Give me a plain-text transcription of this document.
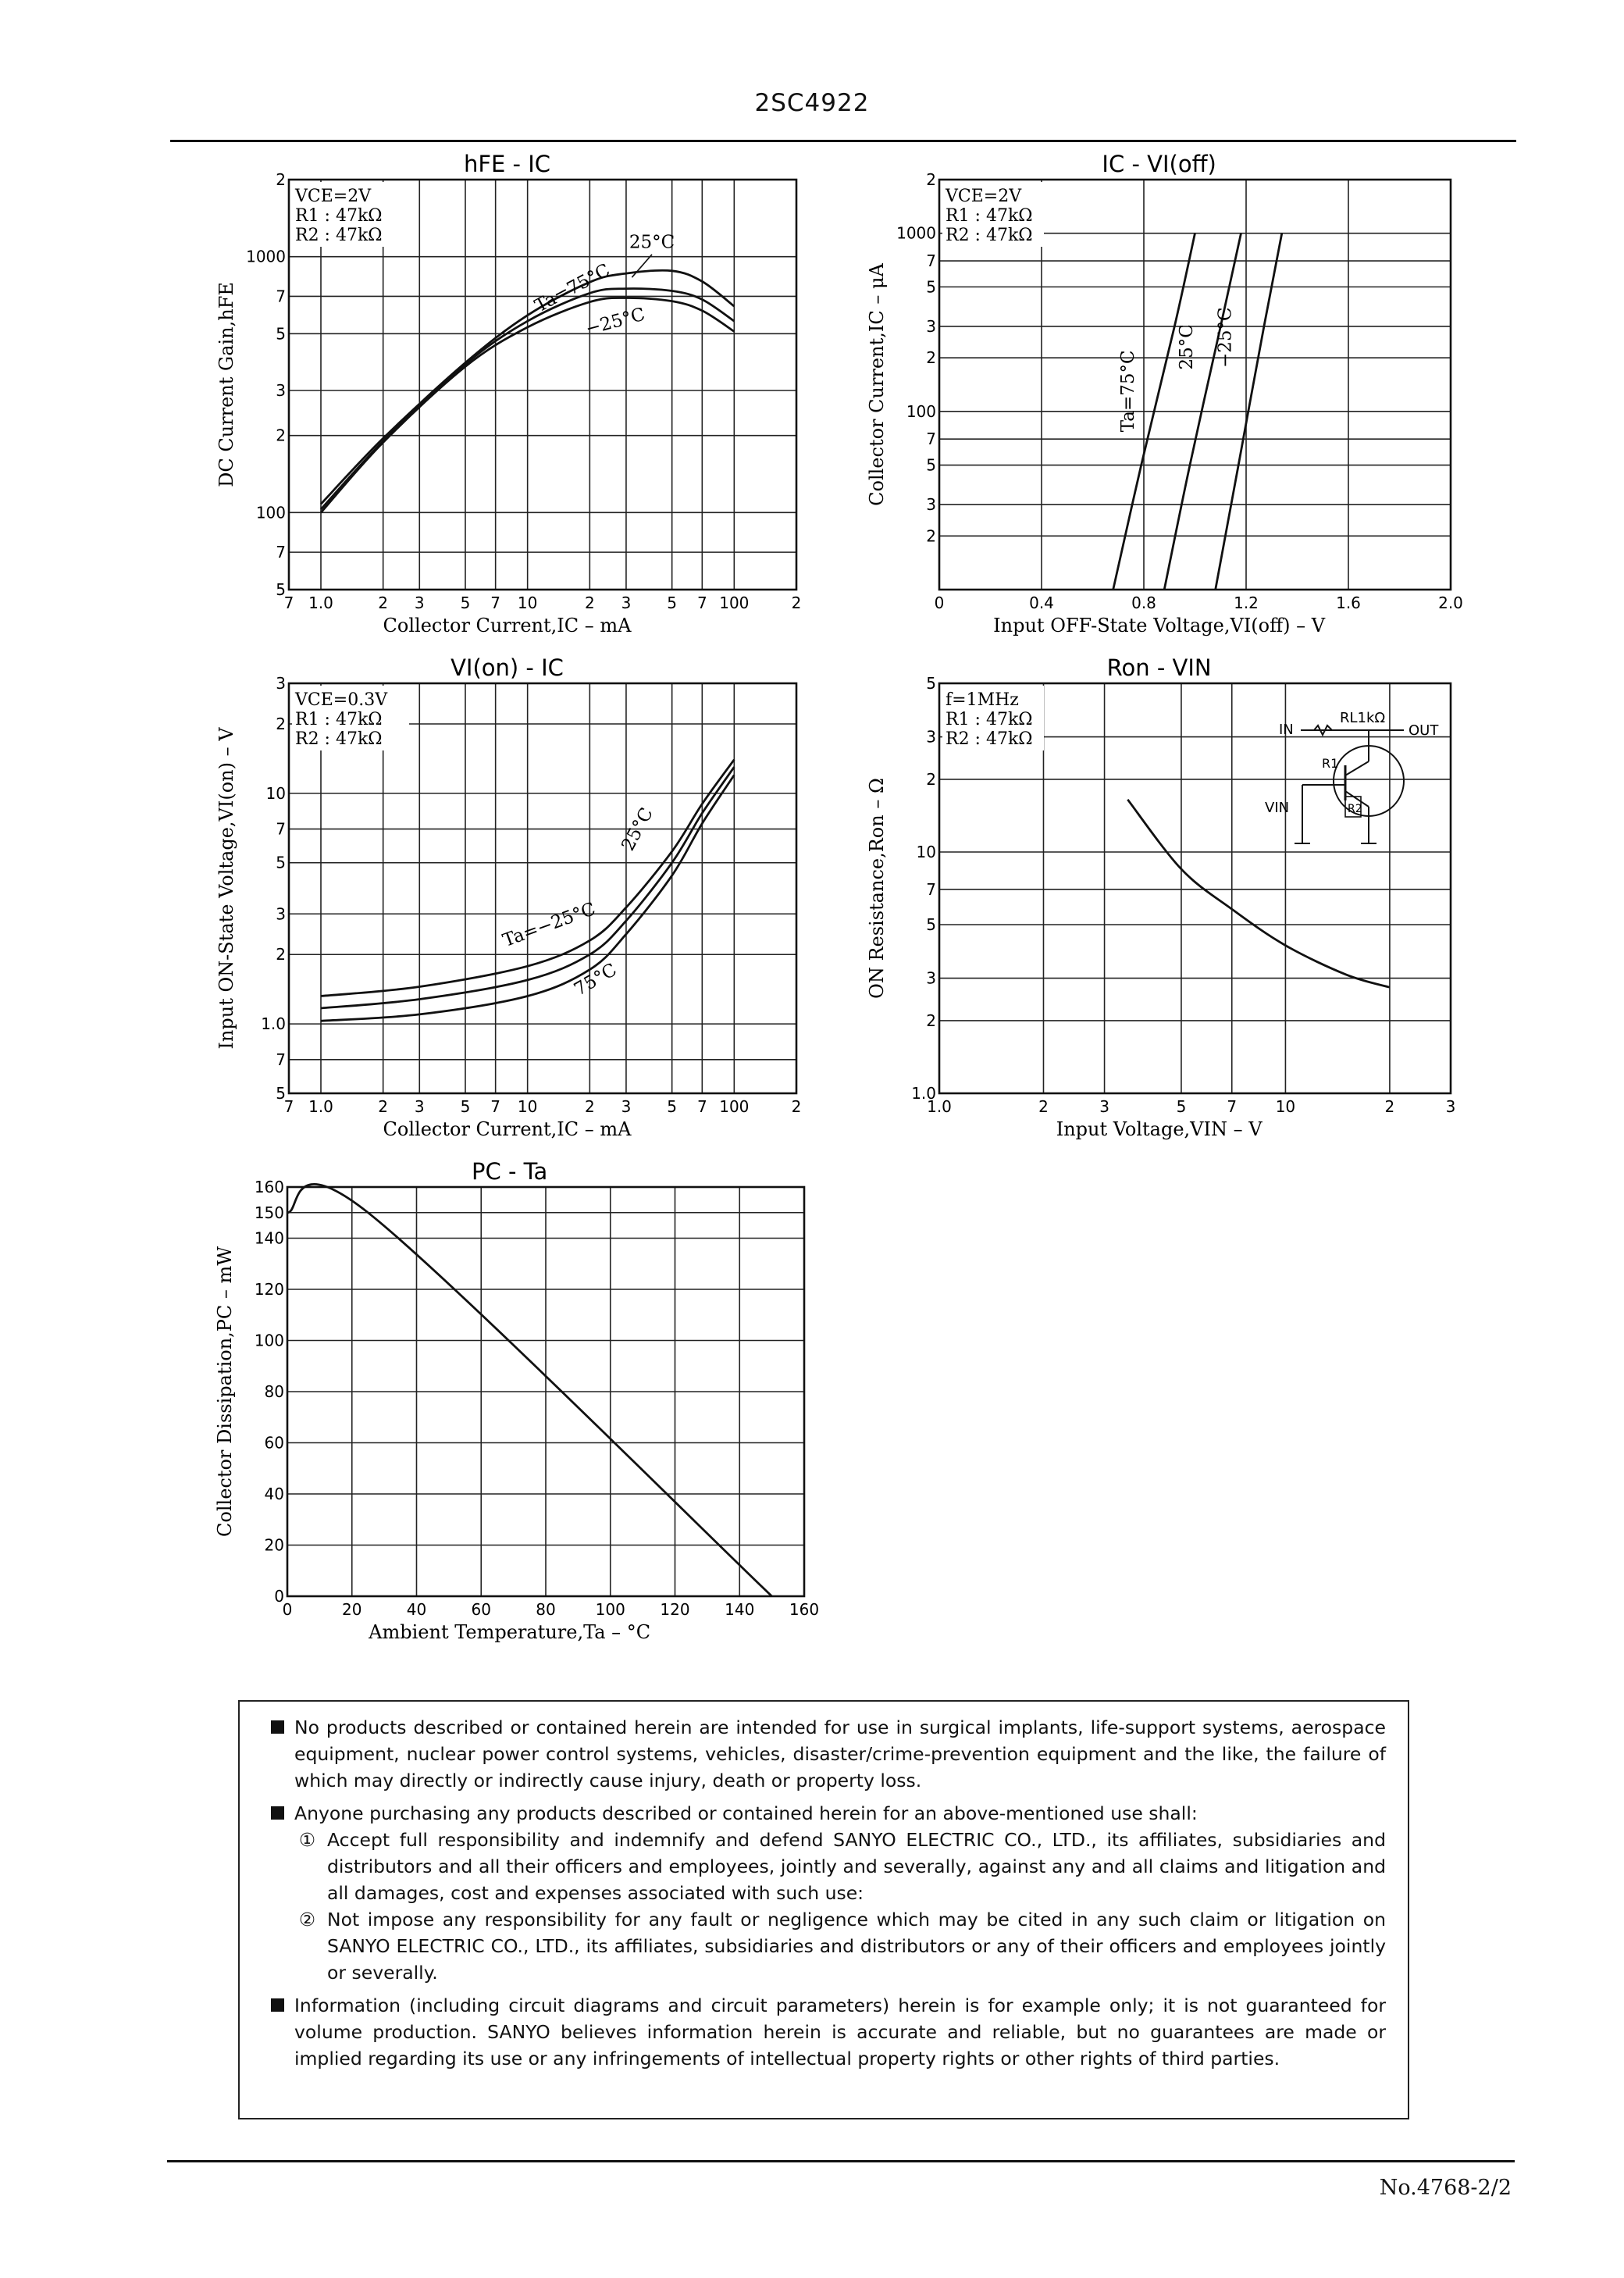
2SC4922
7 1.0	2 3 5 7 10	2 3 5 7 100	2
5
7
100
2
3
5
7
1000
2
hFE - IC
Collector Current,IC – mA
DC Current Gain,hFE
VCE=2V
R1 : 47kΩ
R2 : 47kΩ	25°C
Ta=75°C
−25°C
0	0.4	0.8	1.2	1.6	2.0
2
3
5
7
100
2
3
5
7
1000
2
IC - VI(off)
Input OFF-State Voltage,VI(off) – V
Collector Current,IC – μA
VCE=2V
R1 : 47kΩ
R2 : 47kΩ
Ta=75°C
25°C −25°C
7 1.0	2 3 5 7 10	2 3 5 7 100	2
5
7
1.0
2
3
5
7
10
2
3
VI(on) - IC
Collector Current,IC – mA
Input ON-State Voltage,VI(on) – V
VCE=0.3V
R1 : 47kΩ
R2 : 47kΩ
Ta=−25°C
25°C
75°C
1.0	2	3	5	7 10	2	3
1.0
2
3
5
7
10
2
3
5
Ron - VIN
Input Voltage,VIN – V
ON Resistance,Ron – Ω
f=1MHz
R1 : 47kΩ
R2 : 47kΩ	IN
RL1kΩ
OUT
R1
R2
VIN
0	20	40	60	80	100 120 140 160
0
20
40
60
80
100
120
140
150
160
PC - Ta
Ambient Temperature,Ta – °C
Collector Dissipation,PC – mW
No products described or contained herein are intended for use in surgical implants, life-support systems, aerospace equipment, nuclear power control systems, vehicles, disaster/crime-prevention equipment and the like, the failure of which may directly or indirectly cause injury, death or property loss.
Anyone purchasing any products described or contained herein for an above-mentioned use shall:
① Accept full responsibility and indemnify and defend SANYO ELECTRIC CO., LTD., its affiliates, subsidiaries and distributors and all their officers and employees, jointly and severally, against any and all claims and litigation and all damages, cost and expenses associated with such use:
② Not impose any responsibility for any fault or negligence which may be cited in any such claim or litigation on SANYO ELECTRIC CO., LTD., its affiliates, subsidiaries and distributors or any of their officers and employees jointly or severally.
Information (including circuit diagrams and circuit parameters) herein is for example only; it is not guaranteed for volume production. SANYO believes information herein is accurate and reliable, but no guarantees are made or implied regarding its use or any infringements of intellectual property rights or other rights of third parties.
No.4768-2/2
